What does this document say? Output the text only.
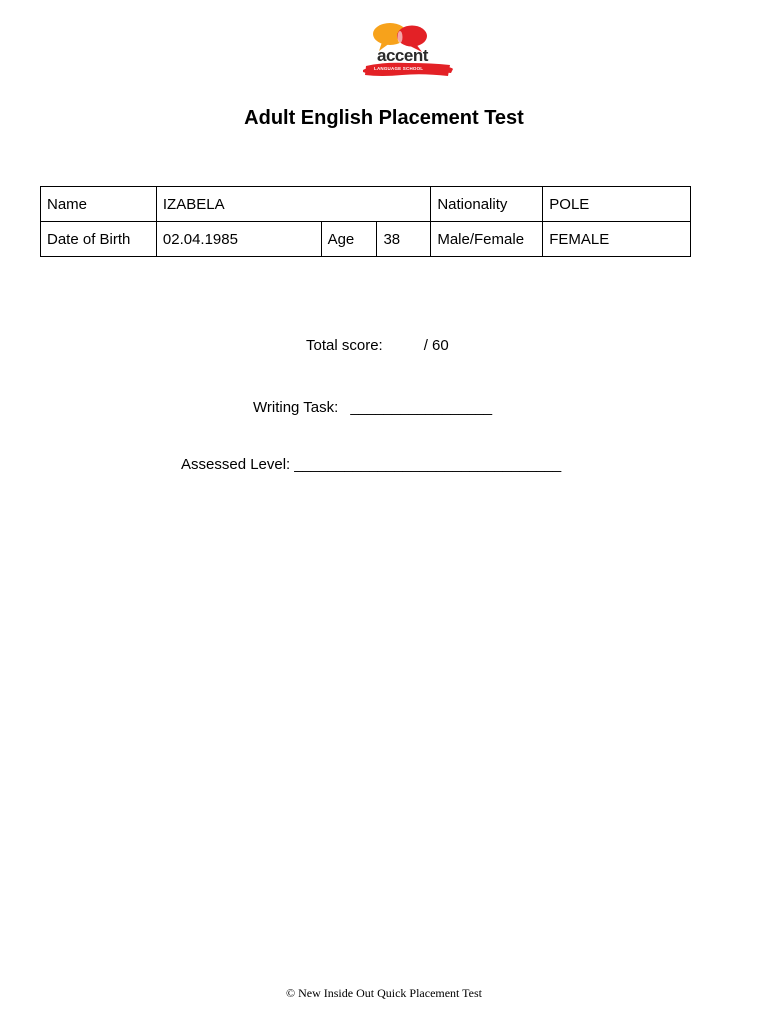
accent
LANGUAGE SCHOOL
Adult English Placement Test
Name	IZABELA			Nationality	POLE
Date of Birth	02.04.1985	Age	38	Male/Female	FEMALE
Total score:	/ 60
Writing Task: _________________
Assessed Level: ________________________________
© New Inside Out Quick Placement Test
